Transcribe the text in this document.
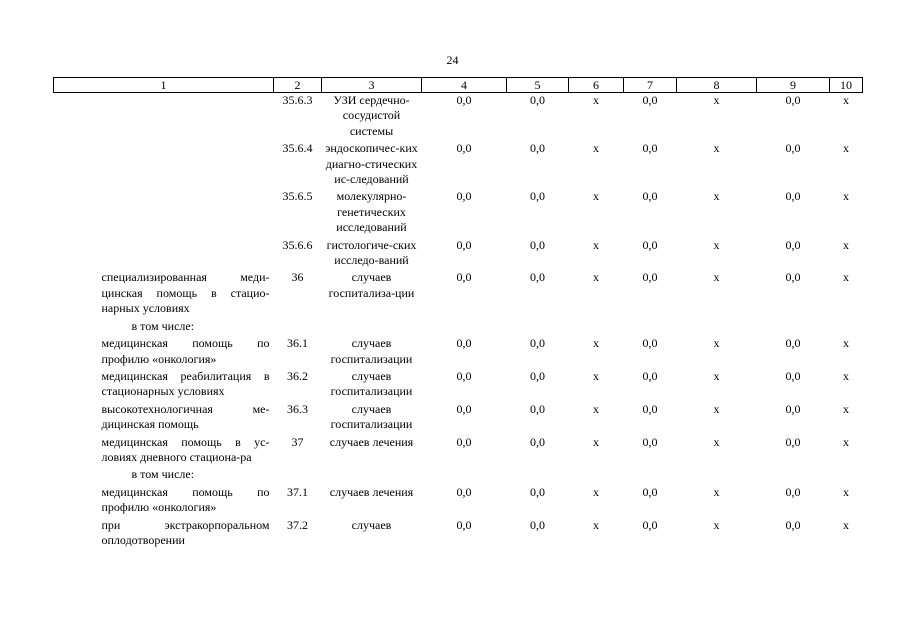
24
1	2	3	4	5	6	7	8	9	10
	35.6.3	УЗИ сердечно-сосудистой системы	0,0	0,0	х	0,0	х	0,0	х
	35.6.4	эндоскопичес-ких диагно-стических ис-следований	0,0	0,0	х	0,0	х	0,0	х
	35.6.5	молекулярно-генетических исследований	0,0	0,0	х	0,0	х	0,0	х
	35.6.6	гистологиче-ских исследо-ваний	0,0	0,0	х	0,0	х	0,0	х
специализированная меди-цинская помощь в стацио-нарных условиях	36	случаев госпитализа-ции	0,0	0,0	х	0,0	х	0,0	х
в том числе:									
медицинская помощь по профилю «онкология»	36.1	случаев госпитализации	0,0	0,0	х	0,0	х	0,0	х
медицинская реабилитация в стационарных условиях	36.2	случаев госпитализации	0,0	0,0	х	0,0	х	0,0	х
высокотехнологичная ме-дицинская помощь	36.3	случаев госпитализации	0,0	0,0	х	0,0	х	0,0	х
медицинская помощь в ус-ловиях дневного стациона-ра	37	случаев лечения	0,0	0,0	х	0,0	х	0,0	х
в том числе:									
медицинская помощь по профилю «онкология»	37.1	случаев лечения	0,0	0,0	х	0,0	х	0,0	х
при экстракорпоральном оплодотворении	37.2	случаев	0,0	0,0	х	0,0	х	0,0	х
